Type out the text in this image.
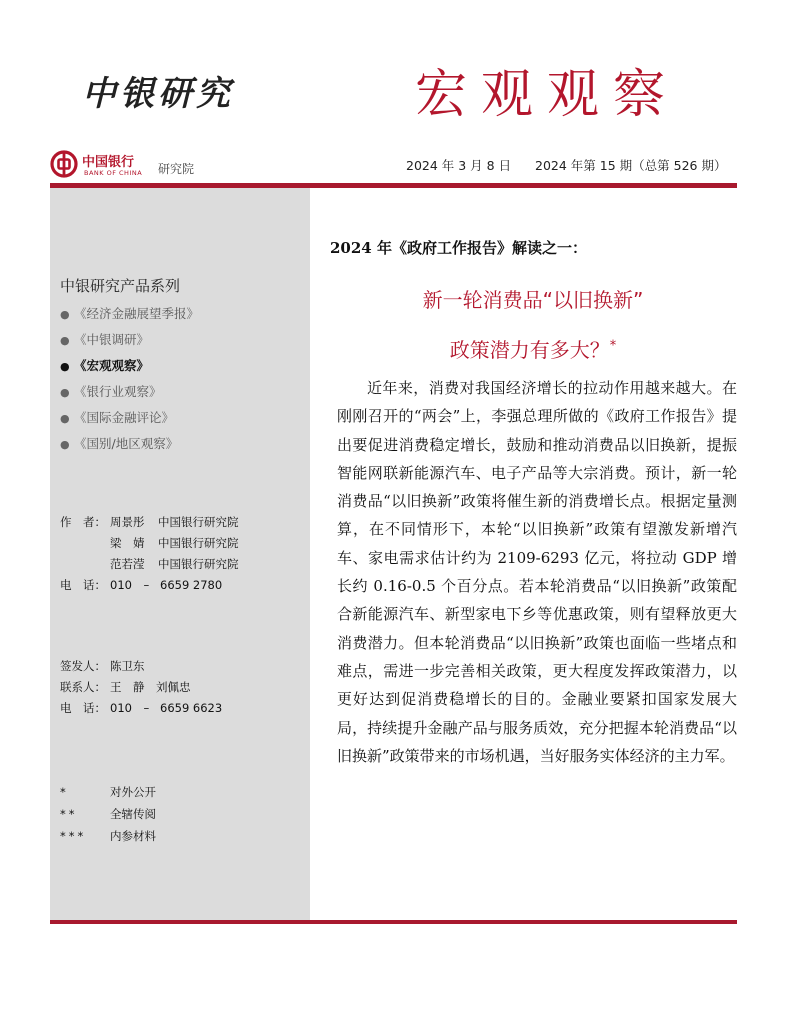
中银研究	宏观观察
中国银行
BANK OF CHINA 研究院	2024 年 3 月 8 日 2024 年第 15 期（总第 526 期）
中银研究产品系列
● 《经济金融展望季报》
● 《中银调研》
● 《宏观观察》
● 《银行业观察》
● 《国际金融评论》
● 《国别/地区观察》
作　者： 周景彤 中国银行研究院
梁　婧 中国银行研究院
范若滢 中国银行研究院
电　话： 010　– 6659 2780
签发人： 陈卫东
联系人： 王　静　刘佩忠
电　话： 010　– 6659 6623
*	对外公开
**	全辖传阅
*** 内参材料
2024 年《政府工作报告》解读之一：
新一轮消费品“以旧换新”
政策潜力有多大？*

近年来，消费对我国经济增长的拉动作用越来越大。在刚刚召开的“两会”上，李强总理所做的《政府工作报告》提出要促进消费稳定增长，鼓励和推动消费品以旧换新，提振智能网联新能源汽车、电子产品等大宗消费。预计，新一轮消费品“以旧换新”政策将催生新的消费增长点。根据定量测算，在不同情形下，本轮“以旧换新”政策有望激发新增汽车、家电需求估计约为 2109-6293 亿元，将拉动 GDP 增长约 0.16-0.5 个百分点。若本轮消费品“以旧换新”政策配合新能源汽车、新型家电下乡等优惠政策，则有望释放更大消费潜力。但本轮消费品“以旧换新”政策也面临一些堵点和难点，需进一步完善相关政策，更大程度发挥政策潜力，以更好达到促消费稳增长的目的。金融业要紧扣国家发展大局，持续提升金融产品与服务质效，充分把握本轮消费品“以旧换新”政策带来的市场机遇，当好服务实体经济的主力军。
